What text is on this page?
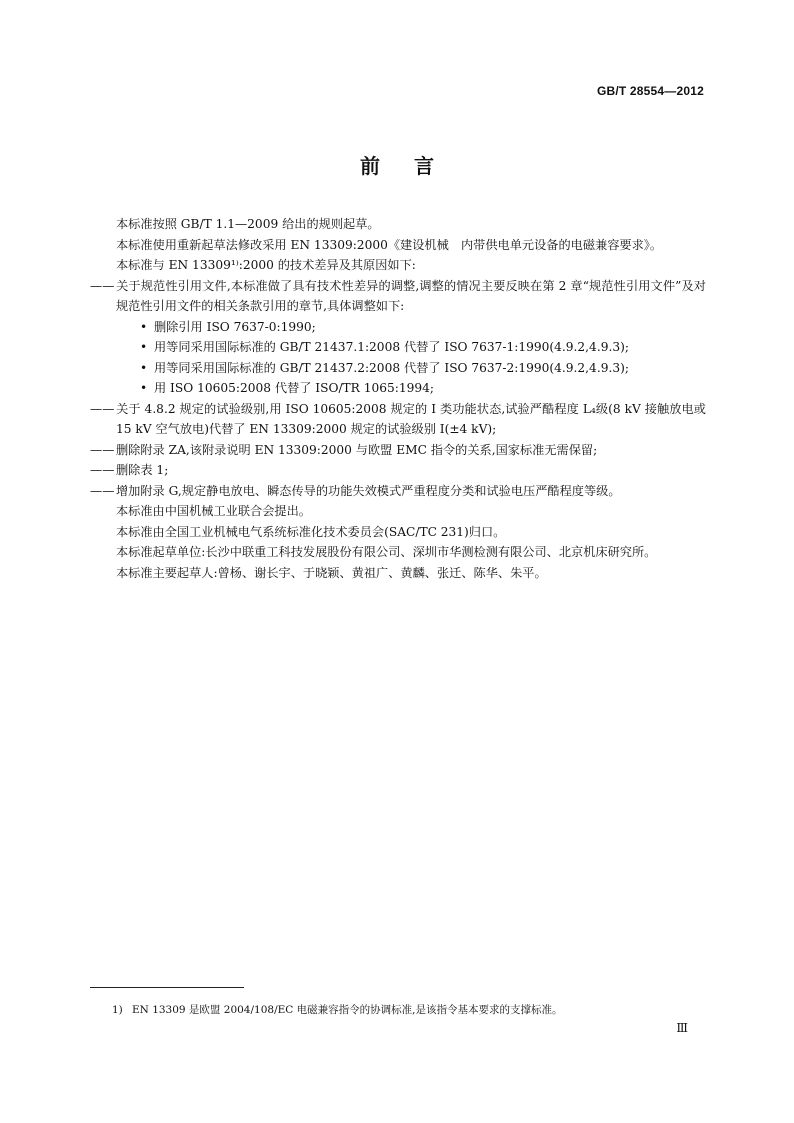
GB/T 28554—2012
前言

本标准按照 GB/T 1.1—2009 给出的规则起草。

本标准使用重新起草法修改采用 EN 13309:2000《建设机械　内带供电单元设备的电磁兼容要求》。

本标准与 EN 13309¹⁾:2000 的技术差异及其原因如下:

—— 关于规范性引用文件,本标准做了具有技术性差异的调整,调整的情况主要反映在第 2 章“规范性引用文件”及对规范性引用文件的相关条款引用的章节,具体调整如下:

• 删除引用 ISO 7637-0:1990;

• 用等同采用国际标准的 GB/T 21437.1:2008 代替了 ISO 7637-1:1990(4.9.2,4.9.3);

• 用等同采用国际标准的 GB/T 21437.2:2008 代替了 ISO 7637-2:1990(4.9.2,4.9.3);

• 用 ISO 10605:2008 代替了 ISO/TR 1065:1994;

—— 关于 4.8.2 规定的试验级别,用 ISO 10605:2008 规定的 I 类功能状态,试验严酷程度 L₄级(8 kV 接触放电或 15 kV 空气放电)代替了 EN 13309:2000 规定的试验级别 I(±4 kV);

—— 删除附录 ZA,该附录说明 EN 13309:2000 与欧盟 EMC 指令的关系,国家标准无需保留;

—— 删除表 1;

—— 增加附录 G,规定静电放电、瞬态传导的功能失效模式严重程度分类和试验电压严酷程度等级。

本标准由中国机械工业联合会提出。

本标准由全国工业机械电气系统标准化技术委员会(SAC/TC 231)归口。

本标准起草单位:长沙中联重工科技发展股份有限公司、深圳市华测检测有限公司、北京机床研究所。

本标准主要起草人:曾杨、谢长宇、于晓颖、黄祖广、黄麟、张迁、陈华、朱平。

1) EN 13309 是欧盟 2004/108/EC 电磁兼容指令的协调标准,是该指令基本要求的支撑标准。
Ⅲ
